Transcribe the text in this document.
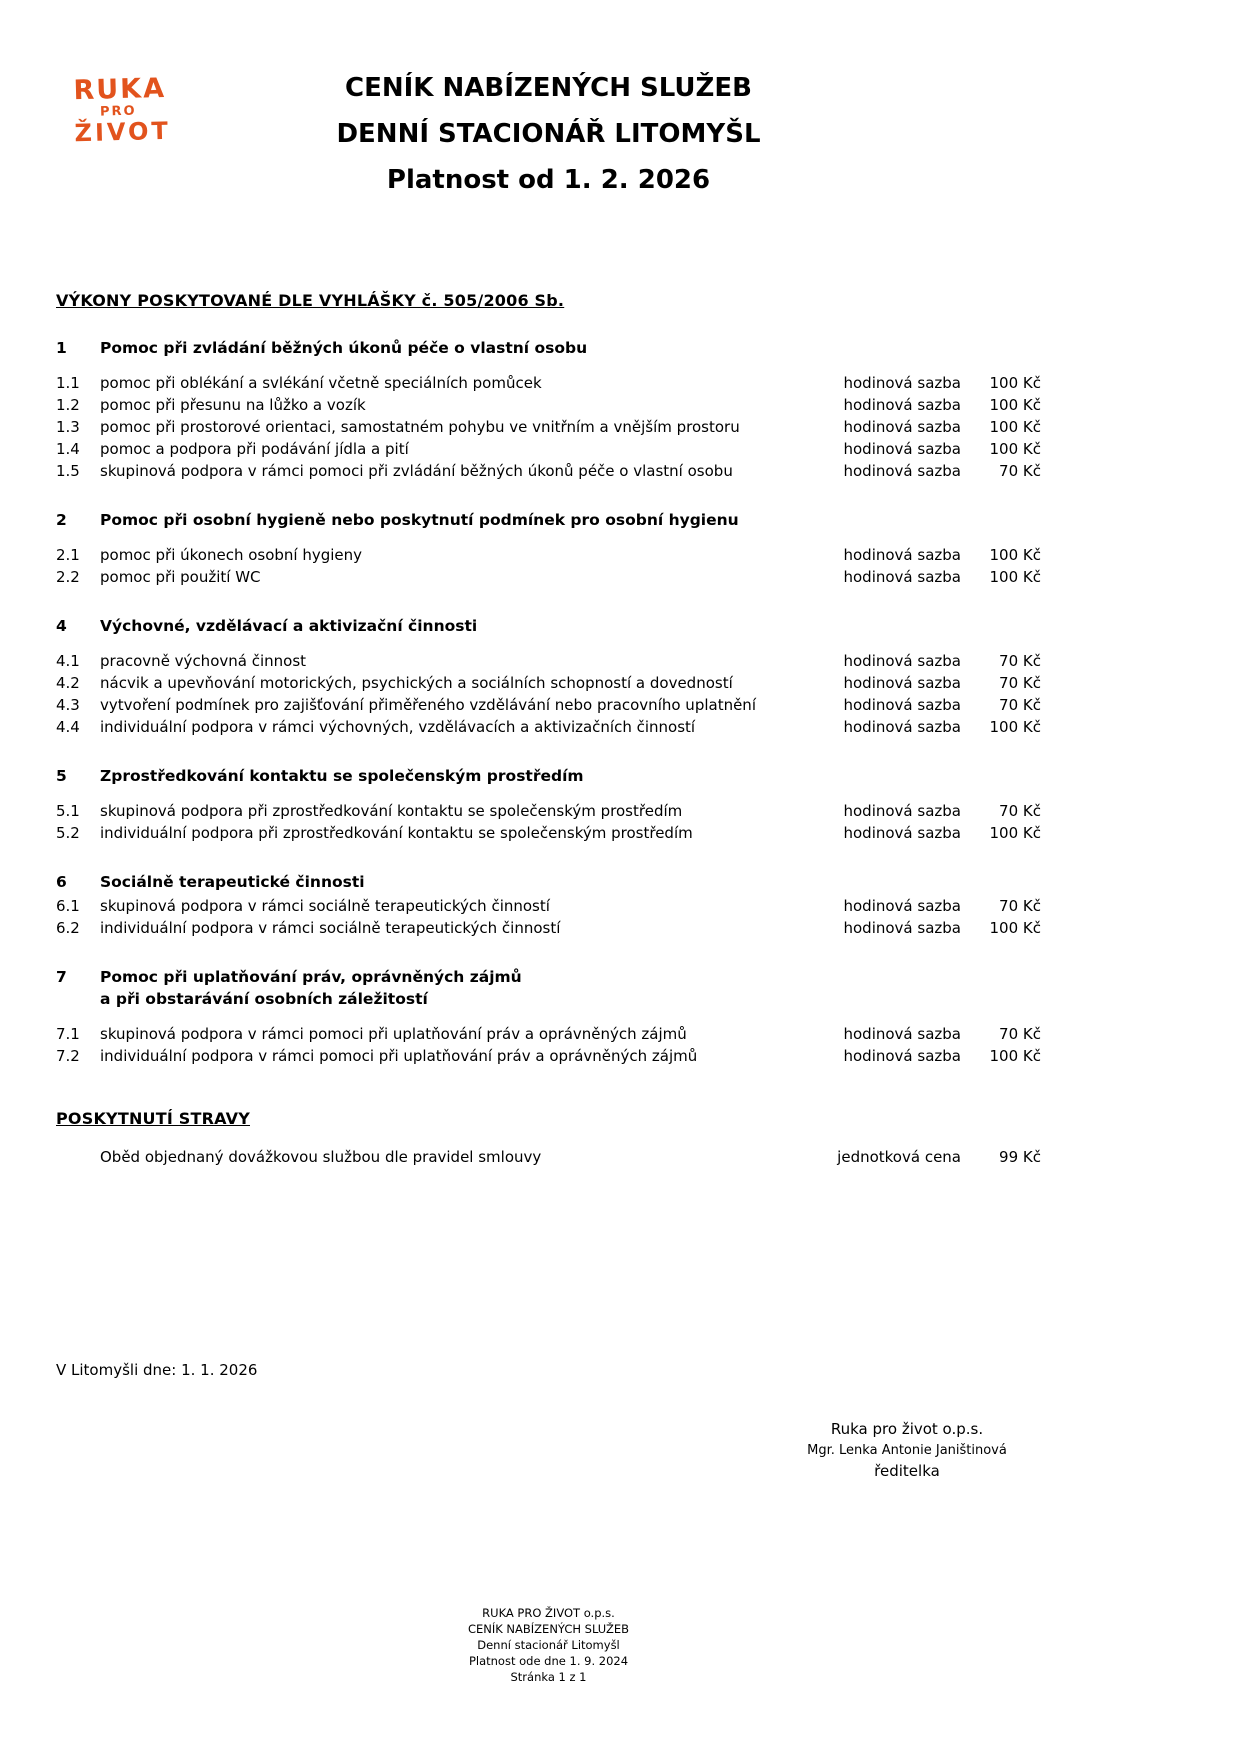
RUKA
PRO
ŽIVOT
CENÍK NABÍZENÝCH SLUŽEB
DENNÍ STACIONÁŘ LITOMYŠL
Platnost od 1. 2. 2026
VÝKONY POSKYTOVANÉ DLE VYHLÁŠKY č. 505/2006 Sb.
1	Pomoc při zvládání běžných úkonů péče o vlastní osobu
1.1	pomoc při oblékání a svlékání včetně speciálních pomůcek	hodinová sazba	100 Kč
1.2	pomoc při přesunu na lůžko a vozík	hodinová sazba	100 Kč
1.3	pomoc při prostorové orientaci, samostatném pohybu ve vnitřním a vnějším prostoru	hodinová sazba	100 Kč
1.4	pomoc a podpora při podávání jídla a pití	hodinová sazba	100 Kč
1.5	skupinová podpora v rámci pomoci při zvládání běžných úkonů péče o vlastní osobu	hodinová sazba	70 Kč
2	Pomoc při osobní hygieně nebo poskytnutí podmínek pro osobní hygienu
2.1	pomoc při úkonech osobní hygieny	hodinová sazba	100 Kč
2.2	pomoc při použití WC	hodinová sazba	100 Kč
4	Výchovné, vzdělávací a aktivizační činnosti
4.1	pracovně výchovná činnost	hodinová sazba	70 Kč
4.2	nácvik a upevňování motorických, psychických a sociálních schopností a dovedností	hodinová sazba	70 Kč
4.3	vytvoření podmínek pro zajišťování přiměřeného vzdělávání nebo pracovního uplatnění	hodinová sazba	70 Kč
4.4	individuální podpora v rámci výchovných, vzdělávacích a aktivizačních činností	hodinová sazba	100 Kč
5	Zprostředkování kontaktu se společenským prostředím
5.1	skupinová podpora při zprostředkování kontaktu se společenským prostředím	hodinová sazba	70 Kč
5.2	individuální podpora při zprostředkování kontaktu se společenským prostředím	hodinová sazba	100 Kč
6	Sociálně terapeutické činnosti
6.1	skupinová podpora v rámci sociálně terapeutických činností	hodinová sazba	70 Kč
6.2	individuální podpora v rámci sociálně terapeutických činností	hodinová sazba	100 Kč
7	Pomoc při uplatňování práv, oprávněných zájmů
a při obstarávání osobních záležitostí
7.1	skupinová podpora v rámci pomoci při uplatňování práv a oprávněných zájmů	hodinová sazba	70 Kč
7.2	individuální podpora v rámci pomoci při uplatňování práv a oprávněných zájmů	hodinová sazba	100 Kč
POSKYTNUTÍ STRAVY
Oběd objednaný dovážkovou službou dle pravidel smlouvy	jednotková cena	99 Kč
V Litomyšli dne: 1. 1. 2026
Ruka pro život o.p.s.
Mgr. Lenka Antonie Janištinová
ředitelka
RUKA PRO ŽIVOT o.p.s.
CENÍK NABÍZENÝCH SLUŽEB
Denní stacionář Litomyšl
Platnost ode dne 1. 9. 2024
Stránka 1 z 1
